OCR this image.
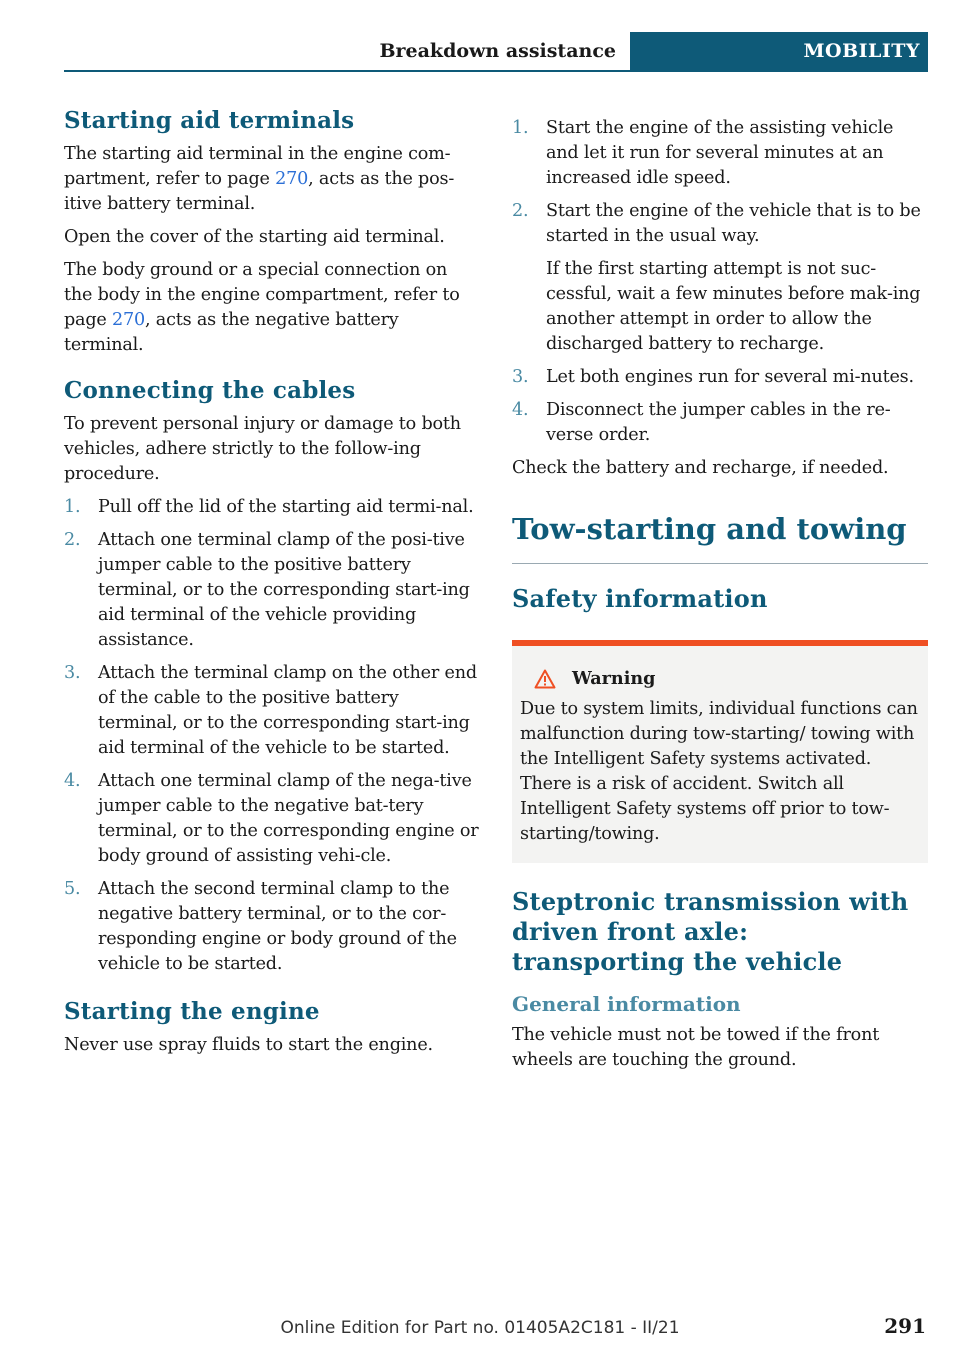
Breakdown assistance	MOBILITY
Starting aid terminals

The starting aid terminal in the engine com‐partment, refer to page 270, acts as the pos‐itive battery terminal.

Open the cover of the starting aid terminal.

The body ground or a special connection on the body in the engine compartment, refer to page 270, acts as the negative battery terminal.

Connecting the cables

To prevent personal injury or damage to both vehicles, adhere strictly to the follow‐ing procedure.

1. Pull off the lid of the starting aid termi‐nal.
2. Attach one terminal clamp of the posi‐tive jumper cable to the positive battery terminal, or to the corresponding start‐ing aid terminal of the vehicle providing assistance.
3. Attach the terminal clamp on the other end of the cable to the positive battery terminal, or to the corresponding start‐ing aid terminal of the vehicle to be started.
4. Attach one terminal clamp of the nega‐tive jumper cable to the negative bat‐tery terminal, or to the corresponding engine or body ground of assisting vehi‐cle.
5. Attach the second terminal clamp to the negative battery terminal, or to the cor‐responding engine or body ground of the vehicle to be started.
Starting the engine

Never use spray fluids to start the engine.

1. Start the engine of the assisting vehicle and let it run for several minutes at an increased idle speed.
2. Start the engine of the vehicle that is to be started in the usual way.

If the first starting attempt is not suc‐cessful, wait a few minutes before mak‐ing another attempt in order to allow the discharged battery to recharge.

3. Let both engines run for several mi‐nutes.
4. Disconnect the jumper cables in the re‐verse order.

Check the battery and recharge, if needed.

Tow-starting and towing
Safety information
Warning

Due to system limits, individual functions can malfunction during tow-starting/ towing with the Intelligent Safety systems activated. There is a risk of accident. Switch all Intelligent Safety systems off prior to tow-starting/towing.

Steptronic transmission with driven front axle: transporting the vehicle
General information

The vehicle must not be towed if the front wheels are touching the ground.

Online Edition for Part no. 01405A2C181 - II/21	291
